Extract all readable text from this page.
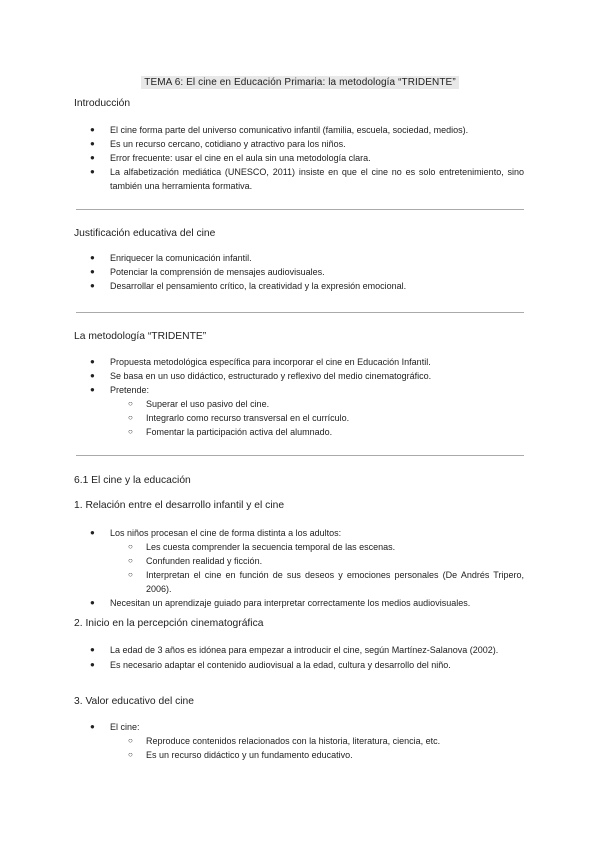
TEMA 6: El cine en Educación Primaria: la metodología “TRIDENTE”
Introducción
● El cine forma parte del universo comunicativo infantil (familia, escuela, sociedad, medios).
● Es un recurso cercano, cotidiano y atractivo para los niños.
● Error frecuente: usar el cine en el aula sin una metodología clara.
● La alfabetización mediática (UNESCO, 2011) insiste en que el cine no es solo entretenimiento, sino también una herramienta formativa.
Justificación educativa del cine
● Enriquecer la comunicación infantil.
● Potenciar la comprensión de mensajes audiovisuales.
● Desarrollar el pensamiento crítico, la creatividad y la expresión emocional.
La metodología “TRIDENTE”
● Propuesta metodológica específica para incorporar el cine en Educación Infantil.
● Se basa en un uso didáctico, estructurado y reflexivo del medio cinematográfico.
● Pretende:
○ Superar el uso pasivo del cine.
○ Integrarlo como recurso transversal en el currículo.
○ Fomentar la participación activa del alumnado.
6.1 El cine y la educación
1. Relación entre el desarrollo infantil y el cine
● Los niños procesan el cine de forma distinta a los adultos:
○ Les cuesta comprender la secuencia temporal de las escenas.
○ Confunden realidad y ficción.
○ Interpretan el cine en función de sus deseos y emociones personales (De Andrés Tripero, 2006).
● Necesitan un aprendizaje guiado para interpretar correctamente los medios audiovisuales.
2. Inicio en la percepción cinematográfica
● La edad de 3 años es idónea para empezar a introducir el cine, según Martínez-Salanova (2002).
● Es necesario adaptar el contenido audiovisual a la edad, cultura y desarrollo del niño.
3. Valor educativo del cine
● El cine:
○ Reproduce contenidos relacionados con la historia, literatura, ciencia, etc.
○ Es un recurso didáctico y un fundamento educativo.
